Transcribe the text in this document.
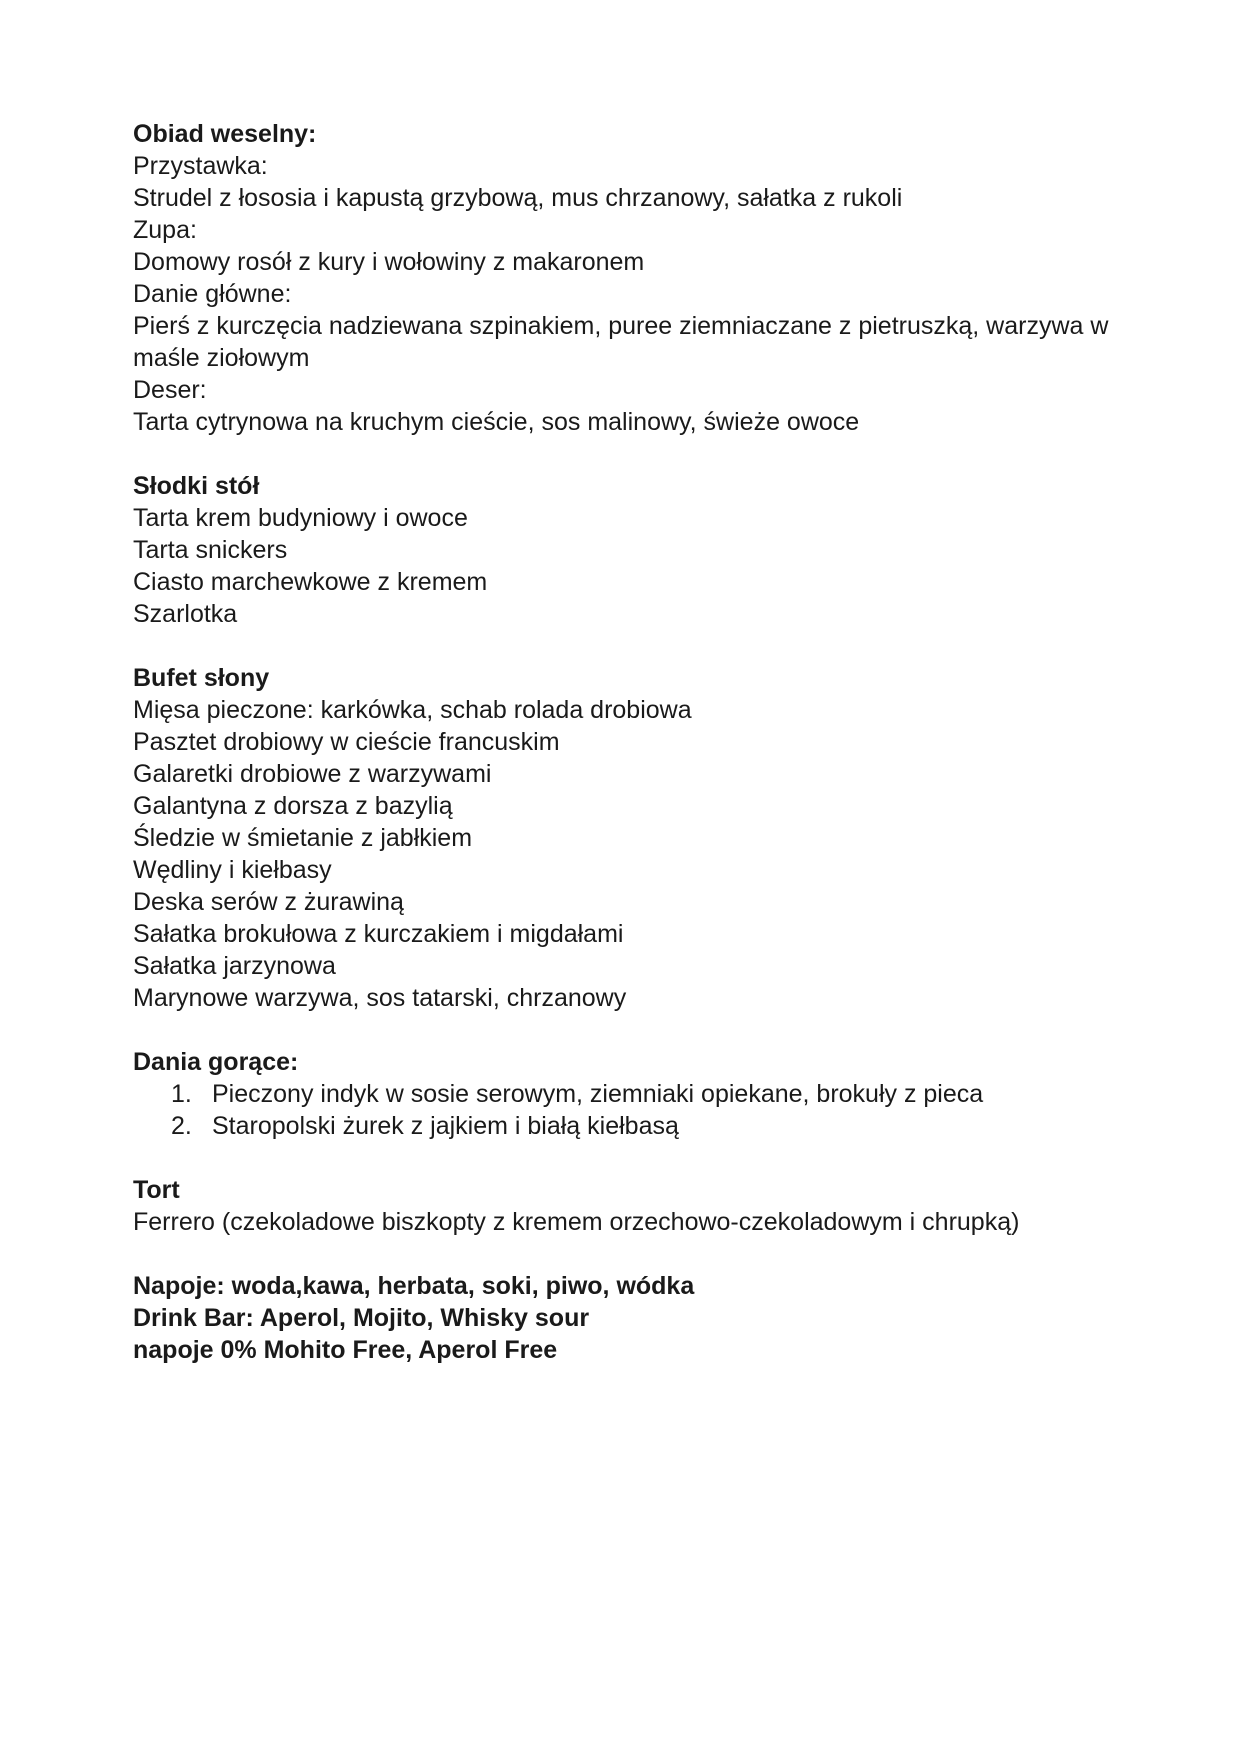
Obiad weselny:

Przystawka:

Strudel z łososia i kapustą grzybową, mus chrzanowy, sałatka z rukoli

Zupa:

Domowy rosół z kury i wołowiny z makaronem

Danie główne:

Pierś z kurczęcia nadziewana szpinakiem, puree ziemniaczane z pietruszką, warzywa w

maśle ziołowym

Deser:

Tarta cytrynowa na kruchym cieście, sos malinowy, świeże owoce

Słodki stół

Tarta krem budyniowy i owoce

Tarta snickers

Ciasto marchewkowe z kremem

Szarlotka

Bufet słony

Mięsa pieczone: karkówka, schab rolada drobiowa

Pasztet drobiowy w cieście francuskim

Galaretki drobiowe z warzywami

Galantyna z dorsza z bazylią

Śledzie w śmietanie z jabłkiem

Wędliny i kiełbasy

Deska serów z żurawiną

Sałatka brokułowa z kurczakiem i migdałami

Sałatka jarzynowa

Marynowe warzywa, sos tatarski, chrzanowy

Dania gorące:

1. Pieczony indyk w sosie serowym, ziemniaki opiekane, brokuły z pieca
2. Staropolski żurek z jajkiem i białą kiełbasą

Tort

Ferrero (czekoladowe biszkopty z kremem orzechowo-czekoladowym i chrupką)

Napoje: woda,kawa, herbata, soki, piwo, wódka

Drink Bar: Aperol, Mojito, Whisky sour

napoje 0% Mohito Free, Aperol Free
